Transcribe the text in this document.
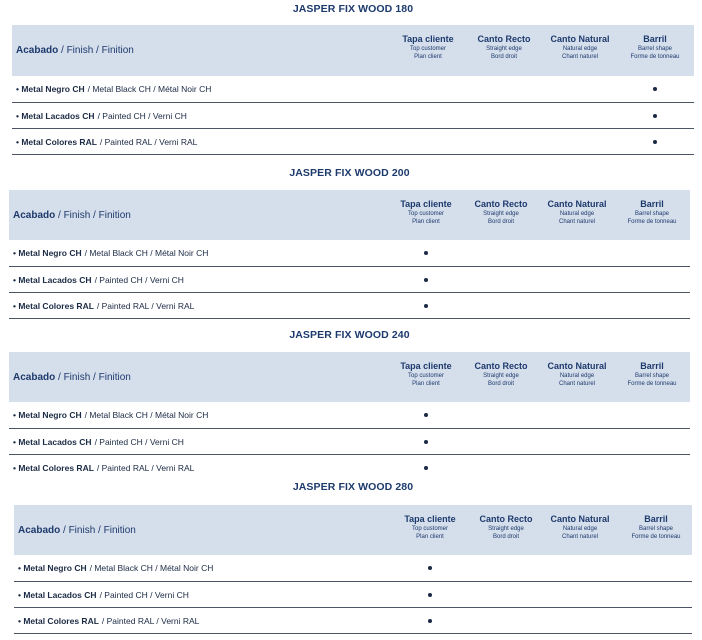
JASPER FIX WOOD 180
Acabado
/
Finish
/
Finition
Tapa cliente
Top customer
Plan client
Canto Recto
Straight edge
Bord droit
Canto Natural
Natural edge
Chant naturel
Barril
Barrel shape
Forme de tonneau
• Metal Negro CH / Metal Black CH / Métal Noir CH
• Metal Lacados CH / Painted CH / Verni CH
• Metal Colores RAL / Painted RAL / Verni RAL
JASPER FIX WOOD 200
Acabado
/
Finish
/
Finition
Tapa cliente
Top customer
Plan client
Canto Recto
Straight edge
Bord droit
Canto Natural
Natural edge
Chant naturel
Barril
Barrel shape
Forme de tonneau
• Metal Negro CH / Metal Black CH / Métal Noir CH
• Metal Lacados CH / Painted CH / Verni CH
• Metal Colores RAL / Painted RAL / Verni RAL
JASPER FIX WOOD 240
Acabado
/
Finish
/
Finition
Tapa cliente
Top customer
Plan client
Canto Recto
Straight edge
Bord droit
Canto Natural
Natural edge
Chant naturel
Barril
Barrel shape
Forme de tonneau
• Metal Negro CH / Metal Black CH / Métal Noir CH
• Metal Lacados CH / Painted CH / Verni CH
• Metal Colores RAL / Painted RAL / Verni RAL
JASPER FIX WOOD 280
Acabado
/
Finish
/
Finition
Tapa cliente
Top customer
Plan client
Canto Recto
Straight edge
Bord droit
Canto Natural
Natural edge
Chant naturel
Barril
Barrel shape
Forme de tonneau
• Metal Negro CH / Metal Black CH / Métal Noir CH
• Metal Lacados CH / Painted CH / Verni CH
• Metal Colores RAL / Painted RAL / Verni RAL
